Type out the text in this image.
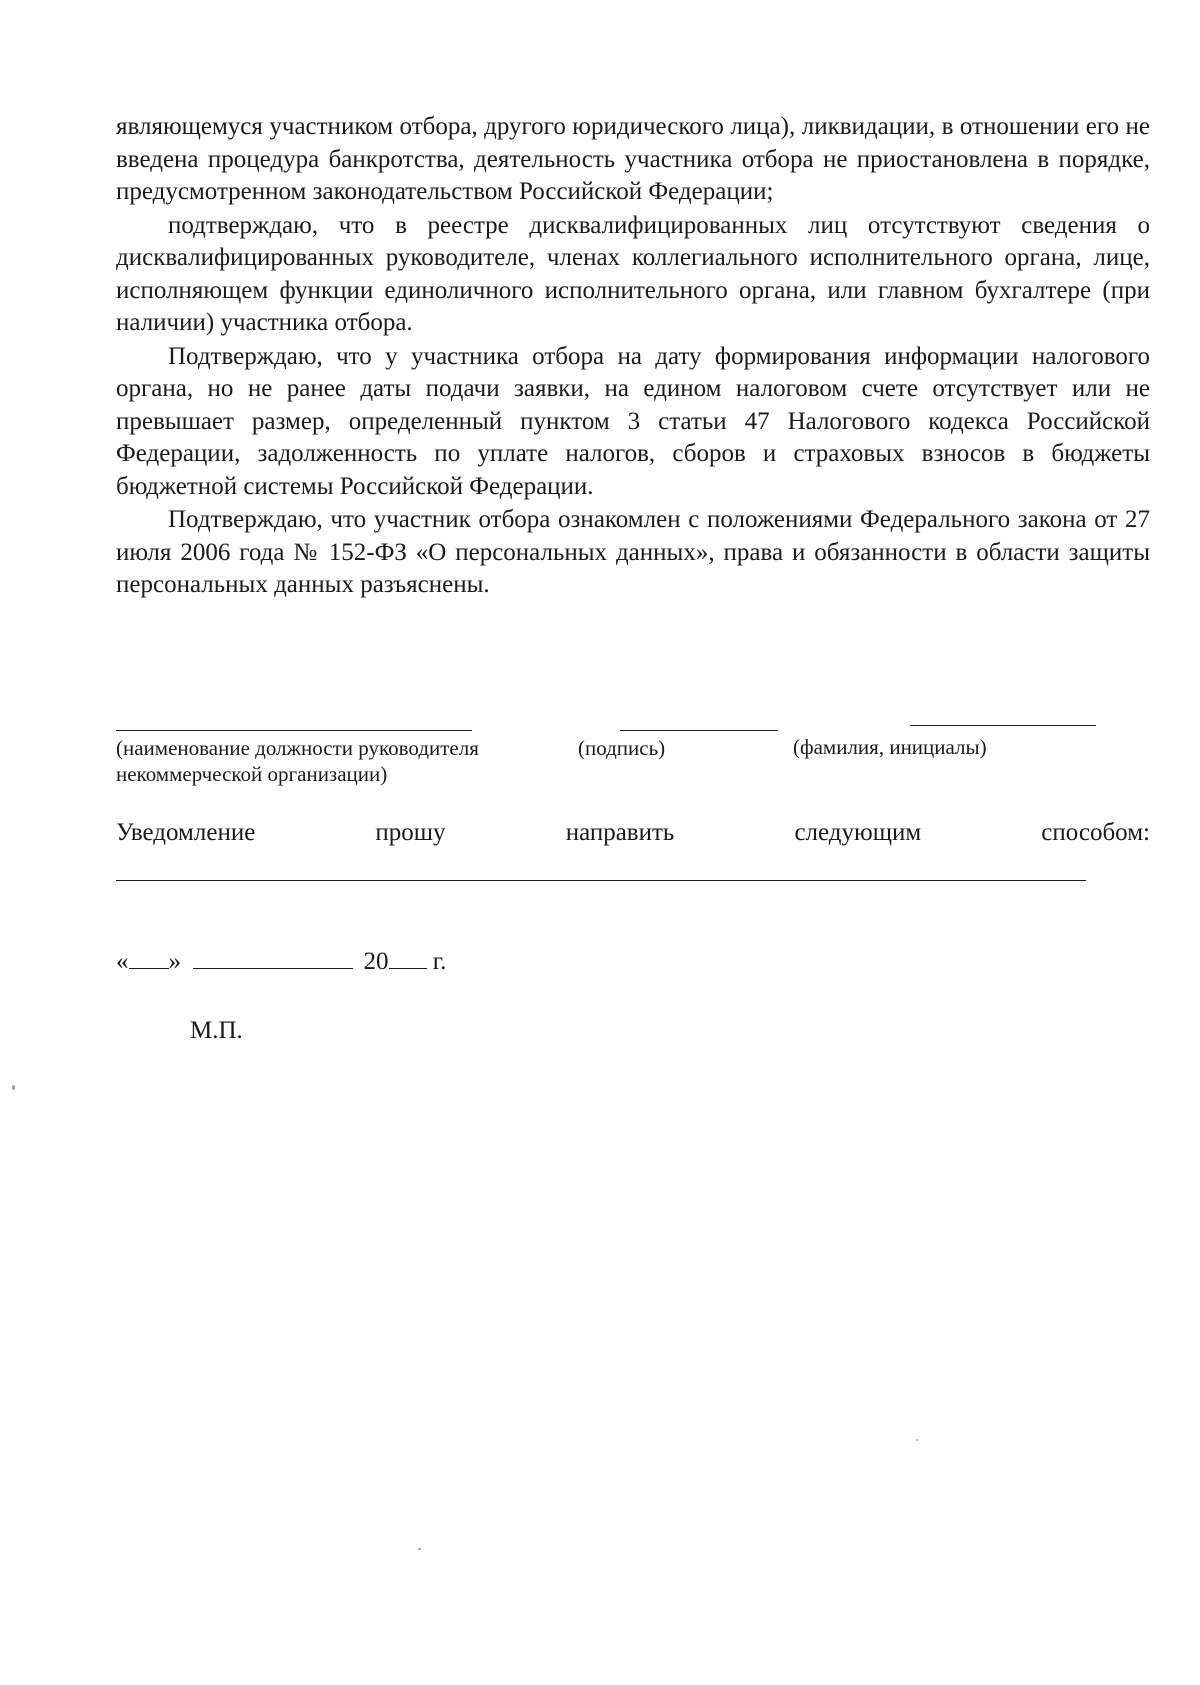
являющемуся участником отбора, другого юридического лица), ликвидации, в отношении его не введена процедура банкротства, деятельность участника отбора не приостановлена в порядке, предусмотренном законодательством Российской Федерации;

подтверждаю, что в реестре дисквалифицированных лиц отсутствуют сведения о дисквалифицированных руководителе, членах коллегиального исполнительного органа, лице, исполняющем функции единоличного исполнительного органа, или главном бухгалтере (при наличии) участника отбора.

Подтверждаю, что у участника отбора на дату формирования информации налогового органа, но не ранее даты подачи заявки, на едином налоговом счете отсутствует или не превышает размер, определенный пунктом 3 статьи 47 Налогового кодекса Российской Федерации, задолженность по уплате налогов, сборов и страховых взносов в бюджеты бюджетной системы Российской Федерации.

Подтверждаю, что участник отбора ознакомлен с положениями Федерального закона от 27 июля 2006 года № 152-ФЗ «О персональных данных», права и обязанности в области защиты персональных данных разъяснены.

(наименование должности руководителя
некоммерческой организации)
(подпись)	(фамилия, инициалы)
Уведомление	прошу	направить	следующим	способом:
« »	20 г.
М.П.
